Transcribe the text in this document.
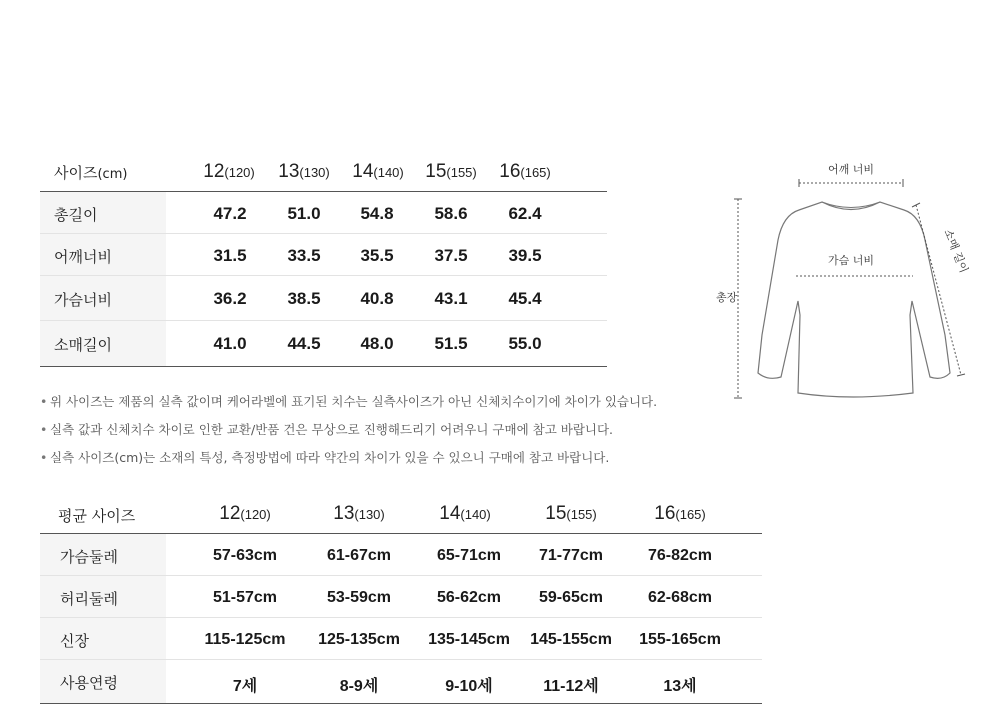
사이즈(cm)	12(120)	13(130)	14(140)	15(155)	16(165)
총길이	47.2	51.0	54.8	58.6	62.4
어깨너비	31.5	33.5	35.5	37.5	39.5
가슴너비	36.2	38.5	40.8	43.1	45.4
소매길이	41.0	44.5	48.0	51.5	55.0
어깨 너비
가슴 너비
총장
소매 길이
• 위 사이즈는 제품의 실측 값이며 케어라벨에 표기된 치수는 실측사이즈가 아닌 신체치수이기에 차이가 있습니다.
• 실측 값과 신체치수 차이로 인한 교환/반품 건은 무상으로 진행해드리기 어려우니 구매에 참고 바랍니다.
• 실측 사이즈(cm)는 소재의 특성, 측정방법에 따라 약간의 차이가 있을 수 있으니 구매에 참고 바랍니다.
평균 사이즈	12(120)	13(130)	14(140)	15(155)	16(165)
가슴둘레	57-63cm	61-67cm	65-71cm	71-77cm	76-82cm
허리둘레	51-57cm	53-59cm	56-62cm	59-65cm	62-68cm
신장	115-125cm	125-135cm	135-145cm	145-155cm	155-165cm
사용연령	7세	8-9세	9-10세	11-12세	13세
